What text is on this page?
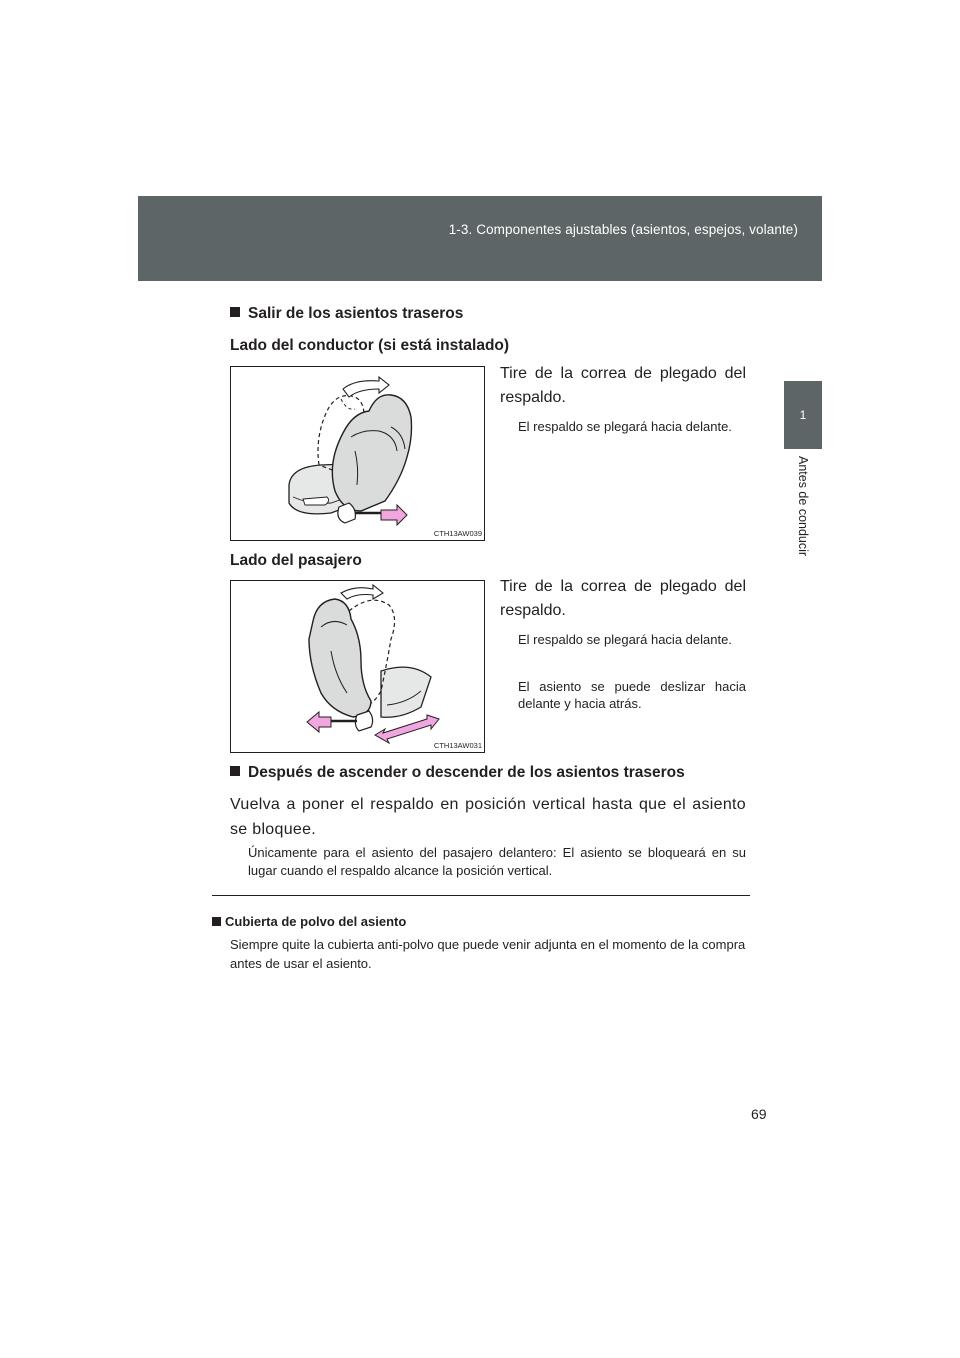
1-3. Componentes ajustables (asientos, espejos, volante)
1
Antes de conducir
Salir de los asientos traseros
Lado del conductor (si está instalado)
CTH13AW039
Tire de la correa de plegado del respaldo.
El respaldo se plegará hacia delante.
Lado del pasajero
CTH13AW031
Tire de la correa de plegado del respaldo.
El respaldo se plegará hacia delante.
El asiento se puede deslizar hacia delante y hacia atrás.
Después de ascender o descender de los asientos traseros
Vuelva a poner el respaldo en posición vertical hasta que el asiento se bloquee.
Únicamente para el asiento del pasajero delantero: El asiento se bloqueará en su lugar cuando el respaldo alcance la posición vertical.
Cubierta de polvo del asiento
Siempre quite la cubierta anti-polvo que puede venir adjunta en el momento de la compra antes de usar el asiento.
69
